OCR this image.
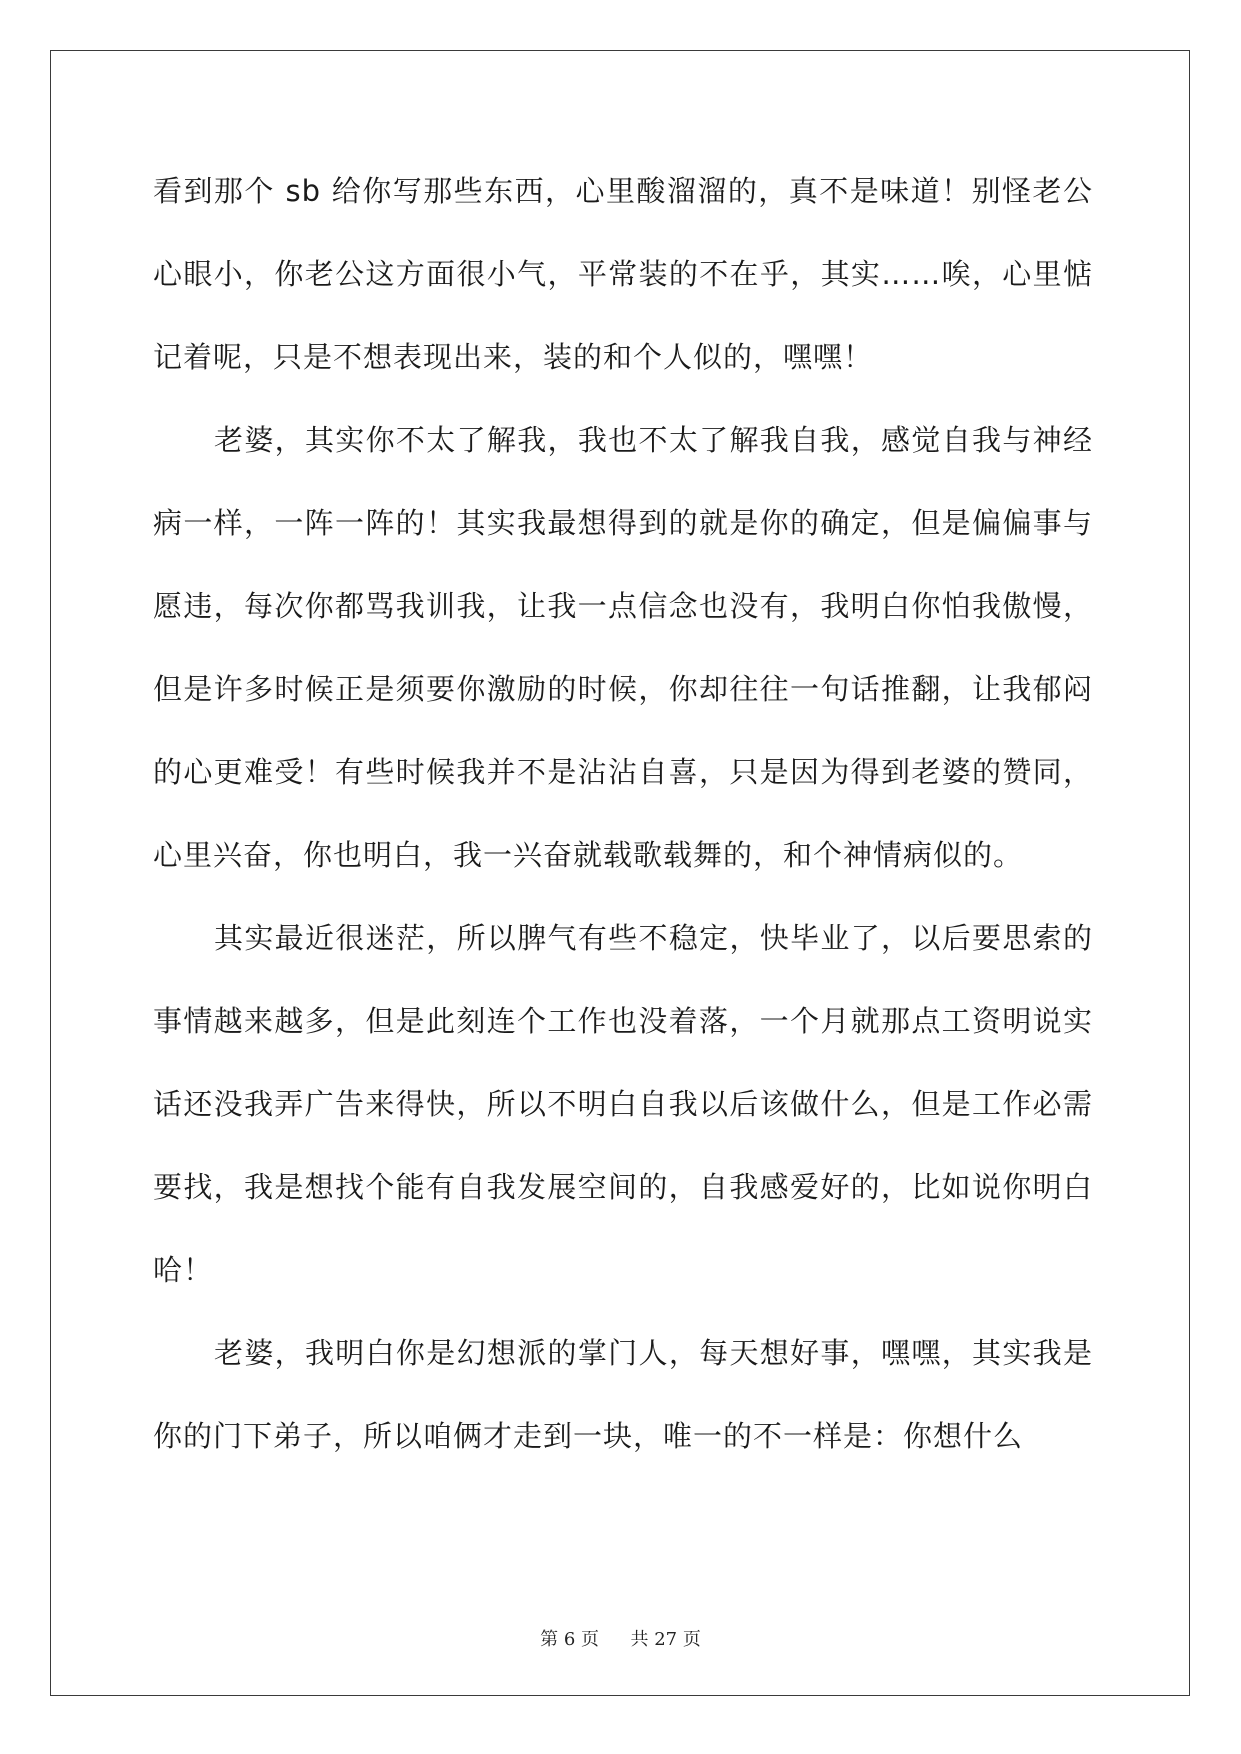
看到那个 sb 给你写那些东西，心里酸溜溜的，真不是味道！别怪老公心眼小，你老公这方面很小气，平常装的不在乎，其实……唉，心里惦记着呢，只是不想表现出来，装的和个人似的，嘿嘿！

老婆，其实你不太了解我，我也不太了解我自我，感觉自我与神经病一样，一阵一阵的！其实我最想得到的就是你的确定，但是偏偏事与愿违，每次你都骂我训我，让我一点信念也没有，我明白你怕我傲慢，但是许多时候正是须要你激励的时候，你却往往一句话推翻，让我郁闷的心更难受！有些时候我并不是沾沾自喜，只是因为得到老婆的赞同，心里兴奋，你也明白，我一兴奋就载歌载舞的，和个神情病似的。

其实最近很迷茫，所以脾气有些不稳定，快毕业了，以后要思索的事情越来越多，但是此刻连个工作也没着落，一个月就那点工资明说实话还没我弄广告来得快，所以不明白自我以后该做什么，但是工作必需要找，我是想找个能有自我发展空间的，自我感爱好的，比如说你明白哈！

老婆，我明白你是幻想派的掌门人，每天想好事，嘿嘿，其实我是你的门下弟子，所以咱俩才走到一块，唯一的不一样是：你想什么

第 6 页 共 27 页
